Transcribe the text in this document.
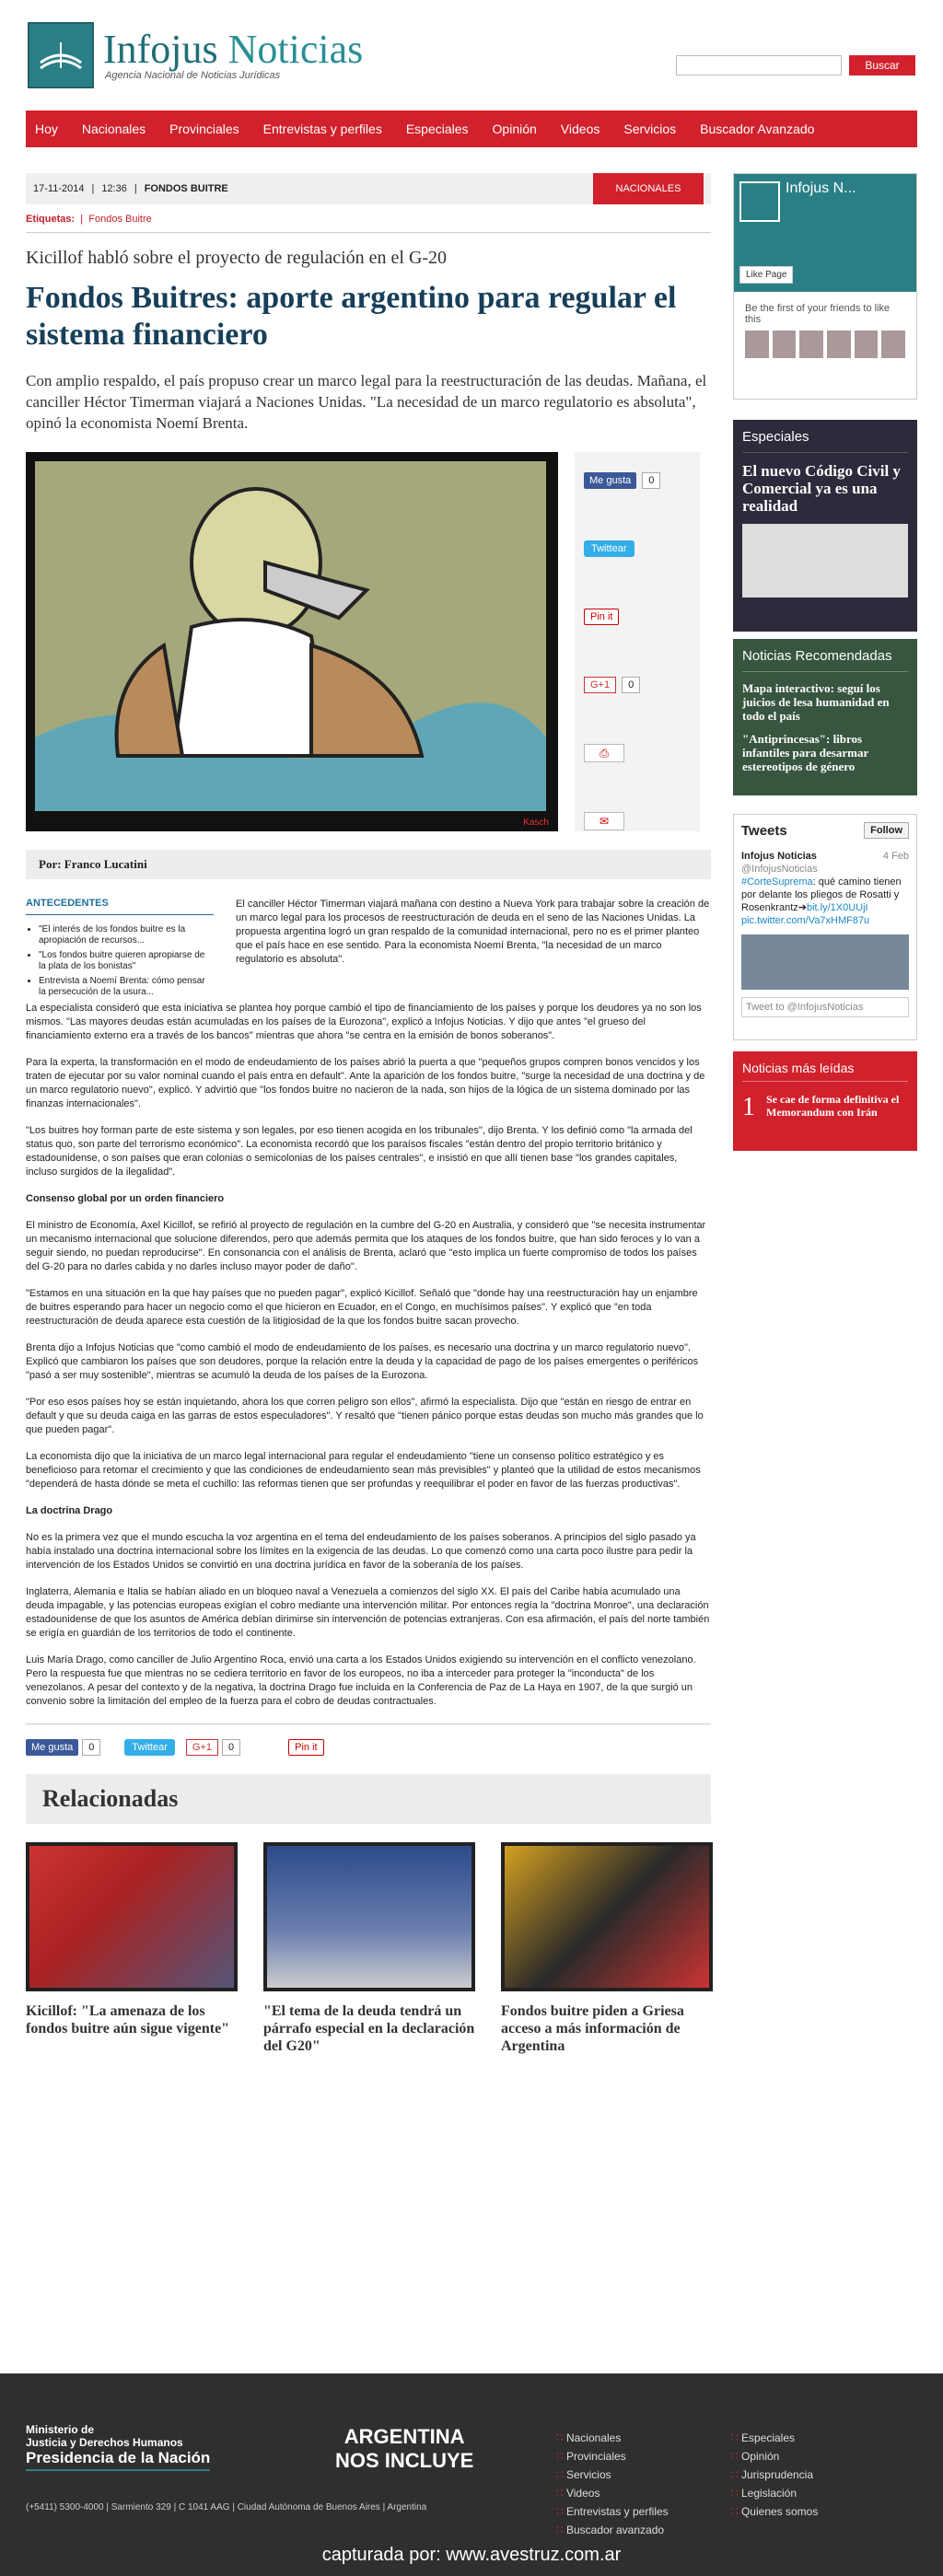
Infojus Noticias
Agencia Nacional de Noticias Jurídicas
Buscar
Hoy Nacionales Provinciales Entrevistas y perfiles Especiales Opinión Videos Servicios Buscador Avanzado
17-11-2014 | 12:36 | FONDOS BUITRE	NACIONALES
Etiquetas:  |  Fondos Buitre
Kicillof habló sobre el proyecto de regulación en el G-20
Fondos Buitres: aporte argentino para regular el sistema financiero
Con amplio respaldo, el país propuso crear un marco legal para la reestructuración de las deudas. Mañana, el canciller Héctor Timerman viajará a Naciones Unidas. "La necesidad de un marco regulatorio es absoluta", opinó la economista Noemí Brenta.
Kasch
Me gusta	0
Twittear
Pin it
G+1	0
⎙
✉
Por: Franco Lucatini
ANTECEDENTES
• "El interés de los fondos buitre es la apropiación de recursos...
• "Los fondos buitre quieren apropiarse de la plata de los bonistas"
• Entrevista a Noemí Brenta: cómo pensar la persecución de la usura...

El canciller Héctor Timerman viajará mañana con destino a Nueva York para trabajar sobre la creación de un marco legal para los procesos de reestructuración de deuda en el seno de las Naciones Unidas. La propuesta argentina logró un gran respaldo de la comunidad internacional, pero no es el primer planteo que el país hace en ese sentido. Para la economista Noemí Brenta, "la necesidad de un marco regulatorio es absoluta".

La especialista consideró que esta iniciativa se plantea hoy porque cambió el tipo de financiamiento de los países y porque los deudores ya no son los mismos. "Las mayores deudas están acumuladas en los países de la Eurozona", explicó a Infojus Noticias. Y dijo que antes "el grueso del financiamiento externo era a través de los bancos" mientras que ahora "se centra en la emisión de bonos soberanos".

Para la experta, la transformación en el modo de endeudamiento de los países abrió la puerta a que "pequeños grupos compren bonos vencidos y los traten de ejecutar por su valor nominal cuando el país entra en default". Ante la aparición de los fondos buitre, "surge la necesidad de una doctrina y de un marco regulatorio nuevo", explicó. Y advirtió que "los fondos buitre no nacieron de la nada, son hijos de la lógica de un sistema dominado por las finanzas internacionales".

"Los buitres hoy forman parte de este sistema y son legales, por eso tienen acogida en los tribunales", dijo Brenta. Y los definió como "la armada del status quo, son parte del terrorismo económico". La economista recordó que los paraísos fiscales "están dentro del propio territorio británico y estadounidense, o son países que eran colonias o semicolonias de los países centrales", e insistió en que allí tienen base "los grandes capitales, incluso surgidos de la ilegalidad".

Consenso global por un orden financiero

El ministro de Economía, Axel Kicillof, se refirió al proyecto de regulación en la cumbre del G-20 en Australia, y consideró que "se necesita instrumentar un mecanismo internacional que solucione diferendos, pero que además permita que los ataques de los fondos buitre, que han sido feroces y lo van a seguir siendo, no puedan reproducirse". En consonancia con el análisis de Brenta, aclaró que "esto implica un fuerte compromiso de todos los países del G-20 para no darles cabida y no darles incluso mayor poder de daño".

"Estamos en una situación en la que hay países que no pueden pagar", explicó Kicillof. Señaló que "donde hay una reestructuración hay un enjambre de buitres esperando para hacer un negocio como el que hicieron en Ecuador, en el Congo, en muchísimos países". Y explicó que "en toda reestructuración de deuda aparece esta cuestión de la litigiosidad de la que los fondos buitre sacan provecho.

Brenta dijo a Infojus Noticias que "como cambió el modo de endeudamiento de los países, es necesario una doctrina y un marco regulatorio nuevo". Explicó que cambiaron los países que son deudores, porque la relación entre la deuda y la capacidad de pago de los países emergentes o periféricos "pasó a ser muy sostenible", mientras se acumuló la deuda de los países de la Eurozona.

"Por eso esos países hoy se están inquietando, ahora los que corren peligro son ellos", afirmó la especialista. Dijo que "están en riesgo de entrar en default y que su deuda caiga en las garras de estos especuladores". Y resaltó que "tienen pánico porque estas deudas son mucho más grandes que lo que pueden pagar".

La economista dijo que la iniciativa de un marco legal internacional para regular el endeudamiento "tiene un consenso político estratégico y es beneficioso para retomar el crecimiento y que las condiciones de endeudamiento sean más previsibles" y planteó que la utilidad de estos mecanismos "dependerá de hasta dónde se meta el cuchillo: las reformas tienen que ser profundas y reequilibrar el poder en favor de las fuerzas productivas".

La doctrina Drago

No es la primera vez que el mundo escucha la voz argentina en el tema del endeudamiento de los países soberanos. A principios del siglo pasado ya había instalado una doctrina internacional sobre los límites en la exigencia de las deudas. Lo que comenzó como una carta poco ilustre para pedir la intervención de los Estados Unidos se convirtió en una doctrina jurídica en favor de la soberanía de los países.

Inglaterra, Alemania e Italia se habían aliado en un bloqueo naval a Venezuela a comienzos del siglo XX. El país del Caribe había acumulado una deuda impagable, y las potencias europeas exigían el cobro mediante una intervención militar. Por entonces regía la "doctrina Monroe", una declaración estadounidense de que los asuntos de América debían dirimirse sin intervención de potencias extranjeras. Con esa afirmación, el país del norte también se erigía en guardián de los territorios de todo el continente.

Luis María Drago, como canciller de Julio Argentino Roca, envió una carta a los Estados Unidos exigiendo su intervención en el conflicto venezolano. Pero la respuesta fue que mientras no se cediera territorio en favor de los europeos, no iba a interceder para proteger la "inconducta" de los venezolanos. A pesar del contexto y de la negativa, la doctrina Drago fue incluida en la Conferencia de Paz de La Haya en 1907, de la que surgió un convenio sobre la limitación del empleo de la fuerza para el cobro de deudas contractuales.

Me gusta	0	Twittear	G+1	0	Pin it
Relacionadas
Kicillof: "La amenaza de los fondos buitre aún sigue vigente"
"El tema de la deuda tendrá un párrafo especial en la declaración del G20"
Fondos buitre piden a Griesa acceso a más información de Argentina
Infojus N...
Like Page
Be the first of your friends to like this
Especiales
El nuevo Código Civil y Comercial ya es una realidad
Noticias Recomendadas

Mapa interactivo: seguí los juicios de lesa humanidad en todo el país

"Antiprincesas": libros infantiles para desarmar estereotipos de género

Tweets	Follow
Infojus Noticias	4 Feb

@InfojusNoticias
#CorteSuprema: qué camino tienen por delante los pliegos de Rosatti y Rosenkrantz➔bit.ly/1X0UUjI
pic.twitter.com/Va7xHMF87u
Tweet to @InfojusNoticias
Noticias más leídas
1 Se cae de forma definitiva el Memorandum con Irán
Ministerio de
Justicia y Derechos Humanos
Presidencia de la Nación
ARGENTINA
NOS INCLUYE
(+5411) 5300-4000 | Sarmiento 329 | C 1041 AAG | Ciudad Autónoma de Buenos Aires | Argentina
∷ Nacionales
∷ Provinciales
∷ Servicios
∷ Videos
∷ Entrevistas y perfiles
∷ Buscador avanzado
∷ Especiales
∷ Opinión
∷ Jurisprudencia
∷ Legislación
∷ Quienes somos
capturada por: www.avestruz.com.ar
